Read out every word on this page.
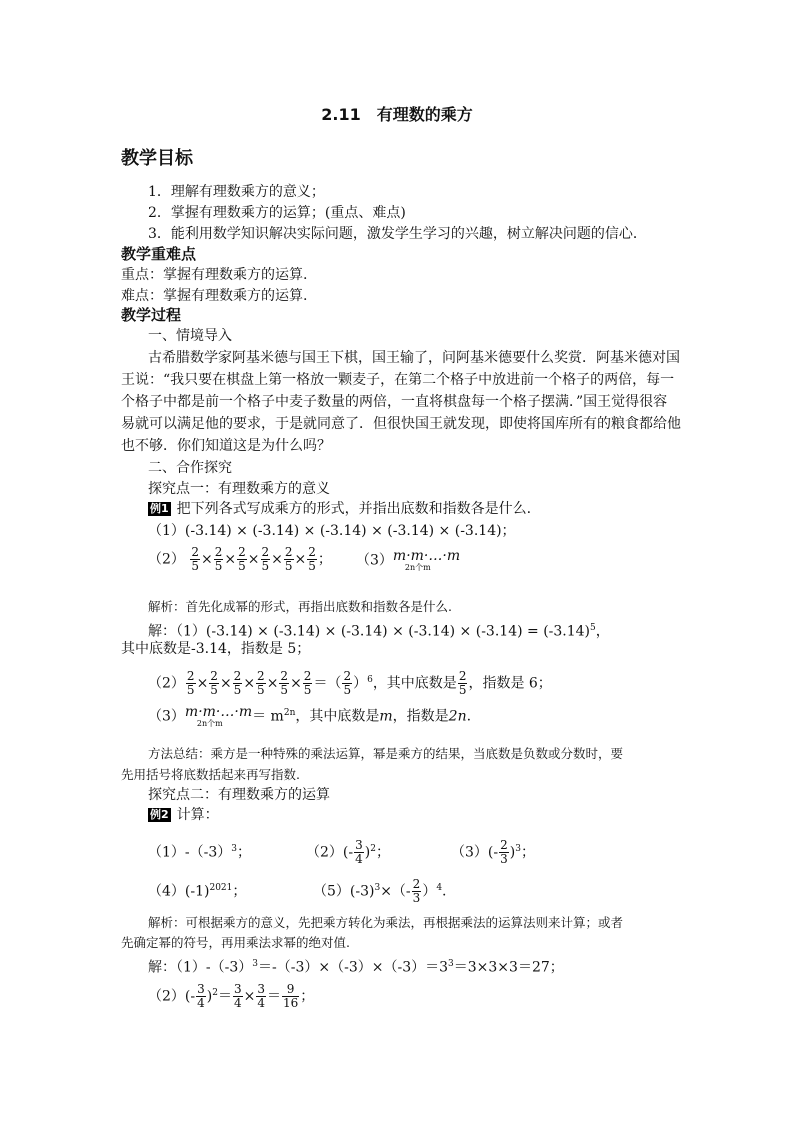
2.11　有理数的乘方
教学目标
1．理解有理数乘方的意义；
2．掌握有理数乘方的运算；(重点、难点)
3．能利用数学知识解决实际问题，激发学生学习的兴趣，树立解决问题的信心．
教学重难点
重点：掌握有理数乘方的运算.
难点：掌握有理数乘方的运算.
教学过程
一、情境导入
古希腊数学家阿基米德与国王下棋，国王输了，问阿基米德要什么奖赏．阿基米德对国
王说：“我只要在棋盘上第一格放一颗麦子，在第二个格子中放进前一个格子的两倍，每一
个格子中都是前一个格子中麦子数量的两倍，一直将棋盘每一个格子摆满．”国王觉得很容
易就可以满足他的要求，于是就同意了．但很快国王就发现，即使将国库所有的粮食都给他
也不够．你们知道这是为什么吗？
二、合作探究
探究点一：有理数乘方的意义
例1 把下列各式写成乘方的形式，并指出底数和指数各是什么.
（1）(-3.14) × (-3.14) × (-3.14) × (-3.14) × (-3.14)；
$(2) \frac{2}{5} \times \frac{2}{5} \times \frac{2}{5} \times \frac{2}{5} \times \frac{2}{5} \times \frac{2}{5}$ ； （3）m·m·…·m
2n个m
解析：首先化成幂的形式，再指出底数和指数各是什么.
解：$(1)(-3.14) \times (-3.14) \times (-3.14) \times (-3.14) \times (-3.14) = (-3.14)^5$，
其中底数是-3.14，指数是 5；
$(2) \frac{2}{5} \times \frac{2}{5} \times \frac{2}{5} \times \frac{2}{5} \times \frac{2}{5} \times \frac{2}{5}$ ＝（ $\frac{2}{5} )^6$，其中底数是 $\frac{2}{5}$ ，指数是 6；
（3）m·m·…·m
2n个m	＝ $m^{2n}$，其中底数是m，指数是2n.
方法总结：乘方是一种特殊的乘法运算，幂是乘方的结果，当底数是负数或分数时，要
先用括号将底数括起来再写指数.
探究点二：有理数乘方的运算
例2 计算：
$(1)-(-3)^3$；	$(2)(- \frac{3}{4} )^2$；	$(3)(- \frac{2}{3} )^3$；
$(4)(-1)^{2021}$；	$(5)(-3)^3\times(- \frac{2}{3} )^4$.
解析：可根据乘方的意义，先把乘方转化为乘法，再根据乘法的运算法则来计算；或者
先确定幂的符号，再用乘法求幂的绝对值.
解：$(1)-(-3)^3=-(-3)\times(-3)\times(-3)=3^3=3\times 3\times 3=27$；
$(2)(- \frac{3}{4} )^2= \frac{3}{4} \times \frac{3}{4} = \frac{9}{16}$ ；
